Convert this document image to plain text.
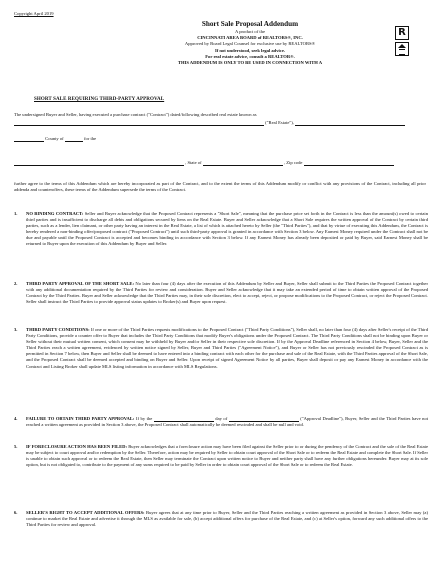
Copyright April 2019
Short Sale Proposal Addendum
A product of the
CINCINNATI AREA BOARD of REALTORS®, INC.
Approved by Board Legal Counsel for exclusive use by REALTORS®
If not understood, seek legal advice.
For real estate advice, consult a REALTOR®.
THIS ADDENDUM IS ONLY TO BE USED IN CONNECTION WITH A
R
SHORT SALE REQUIRING THIRD-PARTY APPROVAL
The undersigned Buyer and Seller, having executed a purchase contract ("Contract") dated/following described real estate known as
("Real Estate"),
County of	for the
, State of	, Zip code
further agree to the terms of this Addendum which are hereby incorporated as part of the Contract, and to the extent the terms of this Addendum modify or conflict with any provisions of the Contract, including all prior addenda and counteroffers, these terms of the Addendum supersede the terms of the Contract.
1. NO BINDING CONTRACT: Seller and Buyer acknowledge that the Proposed Contract represents a "Short Sale", meaning that the purchase price set forth in the Contract is less than the amount(s) owed to certain third parties and is insufficient to discharge all debts and obligations secured by liens on the Real Estate. Buyer and Seller acknowledge that a Short Sale requires the written approval of the Contract by certain third parties, such as a lender, lien claimant, or other party having an interest in the Real Estate, a list of which is attached hereto by Seller (the "Third Parties"), and that by virtue of executing this Addendum, the Contract is hereby rendered a non-binding offer/proposed contract ("Proposed Contract") until such third-party approval is granted in accordance with Section 3 below. Any Earnest Money required under the Contract shall not be due and payable until the Proposed Contract is accepted and becomes binding in accordance with Section 3 below. If any Earnest Money has already been deposited or paid by Buyer, said Earnest Money shall be returned to Buyer upon the execution of this Addendum by Buyer and Seller.
2. THIRD PARTY APPROVAL OF THE SHORT SALE: No later than four (4) days after the execution of this Addendum by Seller and Buyer, Seller shall submit to the Third Parties the Proposed Contract together with any additional documentation required by the Third Parties for review and consideration. Buyer and Seller acknowledge that it may take an extended period of time to obtain written approval of the Proposed Contract by the Third Parties. Buyer and Seller acknowledge that the Third Parties may, in their sole discretion, elect to accept, reject, or propose modifications to the Proposed Contract, or reject the Proposed Contract. Seller shall instruct the Third Parties to provide approval status updates to Broker(s) and Buyer upon request.
3. THIRD PARTY CONDITIONS: If one or more of the Third Parties requests modifications to the Proposed Contract ("Third Party Conditions"), Seller shall, no later than four (4) days after Seller's receipt of the Third Party Conditions, provide a counter offer to Buyer that includes the Third Party Conditions that modify Buyer's obligations under the Proposed Contract. The Third Party Conditions shall not be binding upon Buyer or Seller without their mutual written consent, which consent may be withheld by Buyer and/or Seller in their respective sole discretion. If by the Approval Deadline referenced in Section 4 below, Buyer, Seller and the Third Parties reach a written agreement, evidenced by written notice signed by Seller, Buyer and Third Parties ("Agreement Notice"), and Buyer or Seller has not previously rescinded the Proposed Contract as is permitted in Section 7 below, then Buyer and Seller shall be deemed to have entered into a binding contract with each other for the purchase and sale of the Real Estate, with the Third Parties approval of the Short Sale, and the Proposed Contract shall be deemed accepted and binding on Buyer and Seller. Upon receipt of signed Agreement Notice by all parties, Buyer shall deposit or pay any Earnest Money in accordance with the Contract and Listing Broker shall update MLS listing information in accordance with MLS Regulations.
4. FAILURE TO OBTAIN THIRD PARTY APPROVAL: If by the	day of	("Approval Deadline"), Buyer, Seller and the Third Parties have not reached a written agreement as provided in Section 3 above, the Proposed Contract shall automatically be deemed rescinded and shall be null and void.
5. IF FORECLOSURE ACTION HAS BEEN FILED: Buyer acknowledges that a foreclosure action may have been filed against the Seller prior to or during the pendency of the Contract and the sale of the Real Estate may be subject to court approval and/or redemption by the Seller. Therefore, action may be required by Seller to obtain court approval of the Short Sale or to redeem the Real Estate and complete the Short Sale. If Seller is unable to obtain such approval or to redeem the Real Estate, then Seller may terminate the Contract upon written notice to Buyer and neither party shall have any further obligations hereunder. Buyer may at its sole option, but is not obligated to, contribute to the payment of any sums required to be paid by Seller in order to obtain court approval of the Short Sale or to redeem the Real Estate.
6. SELLER'S RIGHT TO ACCEPT ADDITIONAL OFFERS: Buyer agrees that at any time prior to Buyer, Seller and the Third Parties reaching a written agreement as provided in Section 3 above, Seller may (a) continue to market the Real Estate and advertise it through the MLS as available for sale, (b) accept additional offers for purchase of the Real Estate, and (c) at Seller's option, forward any such additional offers to the Third Parties for review and approval.
